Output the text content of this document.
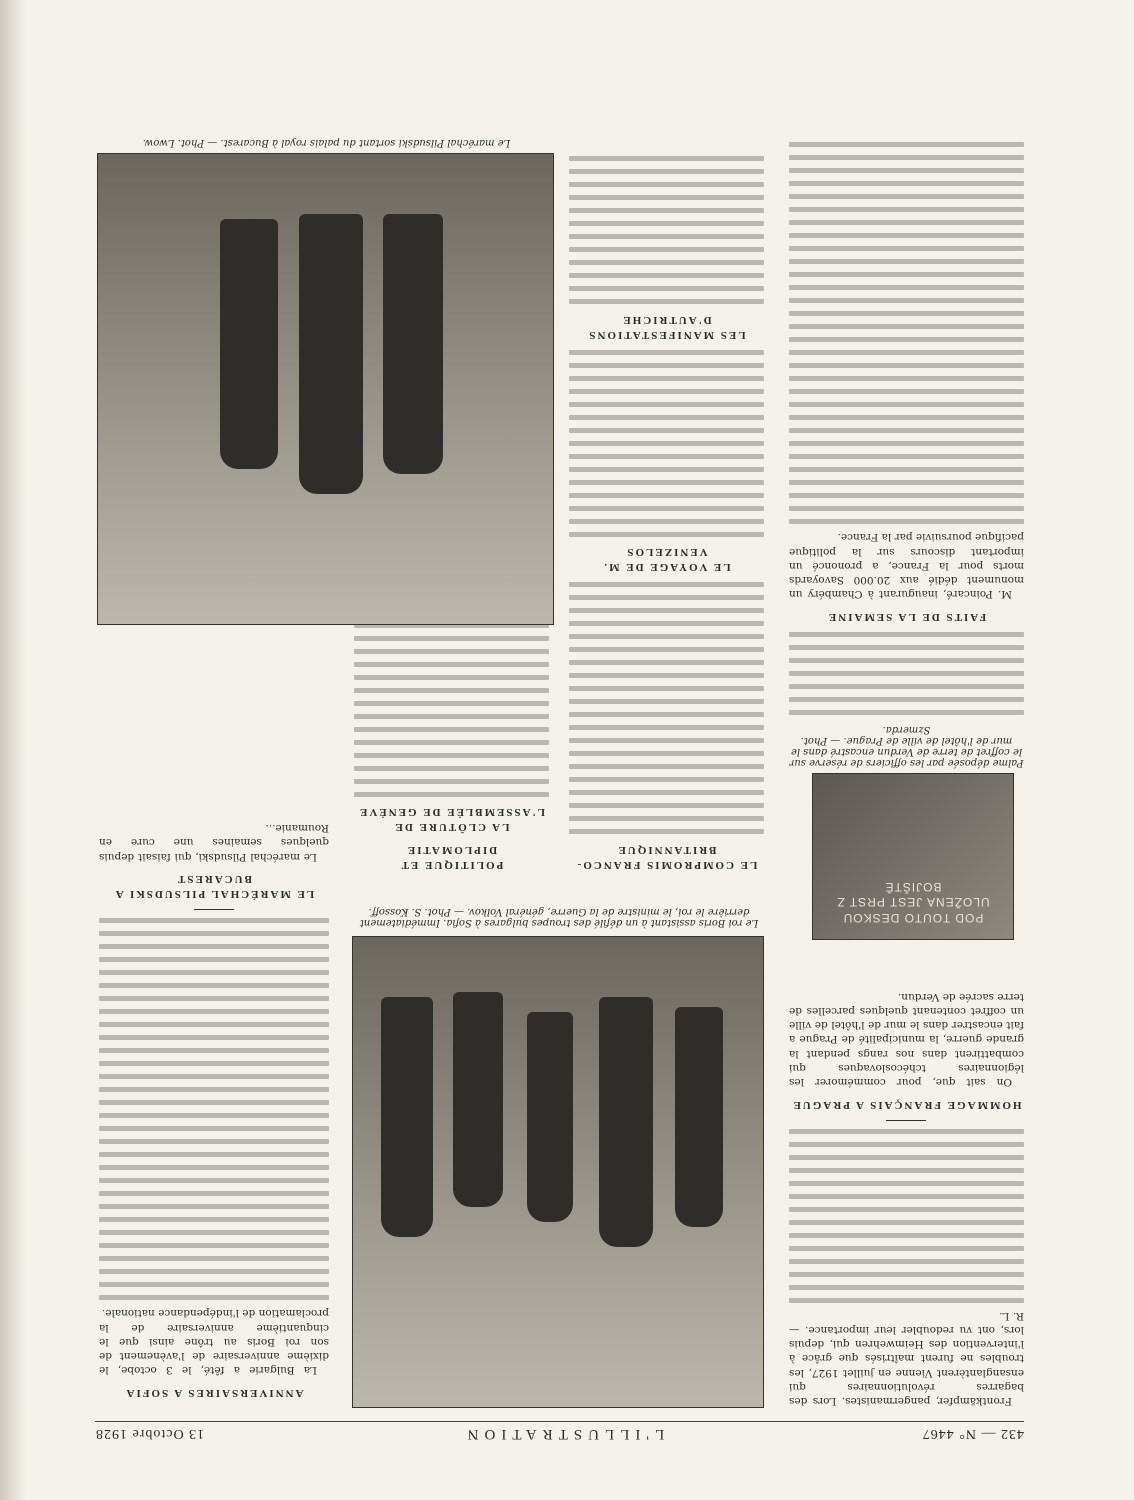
432 — N° 4467
L'ILLUSTRATION
13 Octobre 1928

Frontkämpfer, pangermanistes. Lors des bagarres révolutionnaires qui ensanglantèrent Vienne en juillet 1927, les troubles ne furent maîtrisés que grâce à l'intervention des Heimwehren qui, depuis lors, ont vu redoubler leur importance. — R. L.

HOMMAGE FRANÇAIS A PRAGUE

On sait que, pour commémorer les légionnaires tchécoslovaques qui combattirent dans nos rangs pendant la grande guerre, la municipalité de Prague a fait encastrer dans le mur de l'hôtel de ville un coffret contenant quelques parcelles de terre sacrée de Verdun.

POD TOUTO DESKOU ULOŽENA JEST PRST Z BOJIŠTĚ
Palme déposée par les officiers de réserve sur le coffret de terre de Verdun encastré dans le mur de l'hôtel de ville de Prague. — Phot. Szmerda.
FAITS DE LA SEMAINE

M. Poincaré, inaugurant à Chambéry un monument dédié aux 20.000 Savoyards morts pour la France, a prononcé un important discours sur la politique pacifique poursuivie par la France.

Le roi Boris assistant à un défilé des troupes bulgares à Sofia. Immédiatement derrière le roi, le ministre de la Guerre, général Volkov. — Phot. S. Kossoff.
LE COMPROMIS FRANCO-BRITANNIQUE
LE VOYAGE DE M. VENIZELOS
LES MANIFESTATIONS D'AUTRICHE
POLITIQUE ET DIPLOMATIE
LA CLÔTURE DE L'ASSEMBLÉE DE GENÈVE
ANNIVERSAIRES A SOFIA

La Bulgarie a fêté, le 3 octobe, le dixième anniversaire de l'avènement de son roi Boris au trône ainsi que le cinquantième anniversaire de la proclamation de l'indépendance nationale.

LE MARÉCHAL PILSUDSKI A BUCAREST

Le maréchal Pilsudski, qui faisait depuis quelques semaines une cure en Roumanie...

Le maréchal Pilsudski sortant du palais royal à Bucarest. — Phot. Lwow.
